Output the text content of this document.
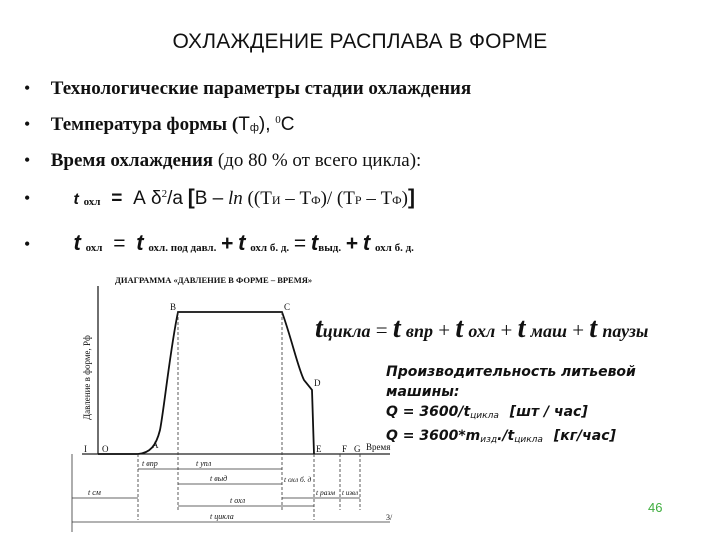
ОХЛАЖДЕНИЕ РАСПЛАВА В ФОРМЕ
• Технологические параметры стадии охлаждения
• Температура формы (Тф), $^0$С
• Время охлаждения (до 80 % от всего цикла):
•	t охл = А $\delta^2/а$ [В – ln ((ТИ – ТФ)/ (ТР – ТФ)]
• t охл = t охл. под давл. + t охл б. д. = tвыд. + t охл б. д.
ДИАГРАММА «ДАВЛЕНИЕ В ФОРМЕ – ВРЕМЯ»
Давление в форме, Рф
Время
I O	A
B	C
D
E F G
t впр	t упл
t выд
t см
t охл б. д
t разм t извл
t охл
t цикла	3/
tцикла = t впр + t охл + t маш + t паузы
Производительность литьевой
машины:
Q = 3600/tцикла [шт / час]
Q = 3600*mизд./tцикла [кг/час]
46
